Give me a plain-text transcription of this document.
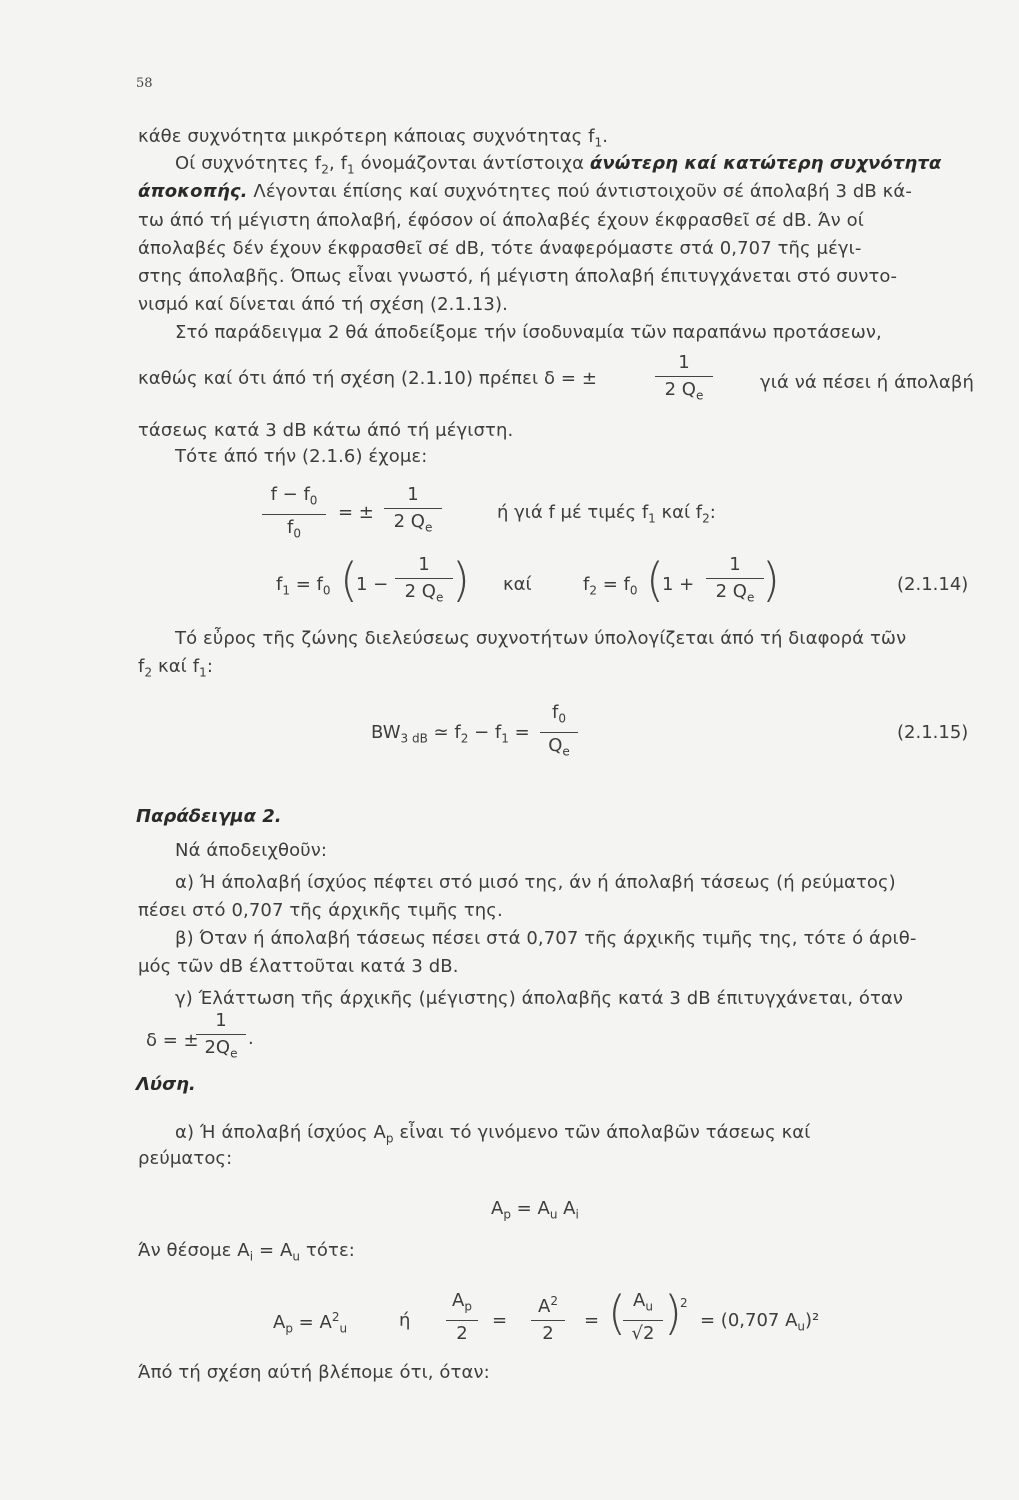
58
κάθε συχνότητα μικρότερη κάποιας συχνότητας $f_1$.
Οί συχνότητες $f_2$, $f_1$ όνομάζονται άντίστοιχα άνώτερη καί κατώτερη συχνότητα
άποκοπής. Λέγονται έπίσης καί συχνότητες πού άντιστοιχοῦν σέ άπολαβή 3 dB κά-
τω άπό τή μέγιστη άπολαβή, έφόσον οί άπολαβές έχουν έκφρασθεῖ σέ dB. Άν οί
άπολαβές δέν έχουν έκφρασθεῖ σέ dB, τότε άναφερόμαστε στά 0,707 τῆς μέγι-
στης άπολαβῆς. Όπως εἶναι γνωστό, ή μέγιστη άπολαβή έπιτυγχάνεται στό συντο-
νισμό καί δίνεται άπό τή σχέση (2.1.13).
Στό παράδειγμα 2 θά άποδείξομε τήν ίσοδυναμία τῶν παραπάνω προτάσεων,
καθώς καί ότι άπό τή σχέση (2.1.10) πρέπει δ = ±
1
2 $Q_e$
γιά νά πέσει ή άπολαβή
τάσεως κατά 3 dB κάτω άπό τή μέγιστη.
Τότε άπό τήν (2.1.6) έχομε:
$f - f_0$
$f_0$
= ±
1
2 $Q_e$
ή γιά f μέ τιμές $f_1$ καί $f_2$:
$f_1 = f_0$ (
1 −
1
2 $Q_e$ ) καί	$f_2 = f_0$ (
1 +
1
2 $Q_e$ )	(2.1.14)
Τό εὖρος τῆς ζώνης διελεύσεως συχνοτήτων ύπολογίζεται άπό τή διαφορά τῶν
$f_2$ καί $f_1$:
$BW_{3 dB}$ ≃ $f_2 - f_1$ =
$f_0$
$Q_e$
(2.1.15)
Παράδειγμα 2.
Νά άποδειχθοῦν:
α) Ή άπολαβή ίσχύος πέφτει στό μισό της, άν ή άπολαβή τάσεως (ή ρεύματος)
πέσει στό 0,707 τῆς άρχικῆς τιμῆς της.
β) Όταν ή άπολαβή τάσεως πέσει στά 0,707 τῆς άρχικῆς τιμῆς της, τότε ό άριθ-
μός τῶν dB έλαττοῦται κατά 3 dB.
γ) Έλάττωση τῆς άρχικῆς (μέγιστης) άπολαβῆς κατά 3 dB έπιτυγχάνεται, όταν
δ = ±
1
$2Q_e$
.
Λύση.
α) Ή άπολαβή ίσχύος $A_p$ εἶναι τό γινόμενο τῶν άπολαβῶν τάσεως καί
ρεύματος:
$A_p = A_u$ $A_i$
Άν θέσομε $A_i = A_u$ τότε:
$A_p = A^2_u$	ή
$A_p$
2
=
$A^2$
2
= ( $A_u$
√2 )
2
= (0,707 $A_u)^2$
Άπό τή σχέση αύτή βλέπομε ότι, όταν:
